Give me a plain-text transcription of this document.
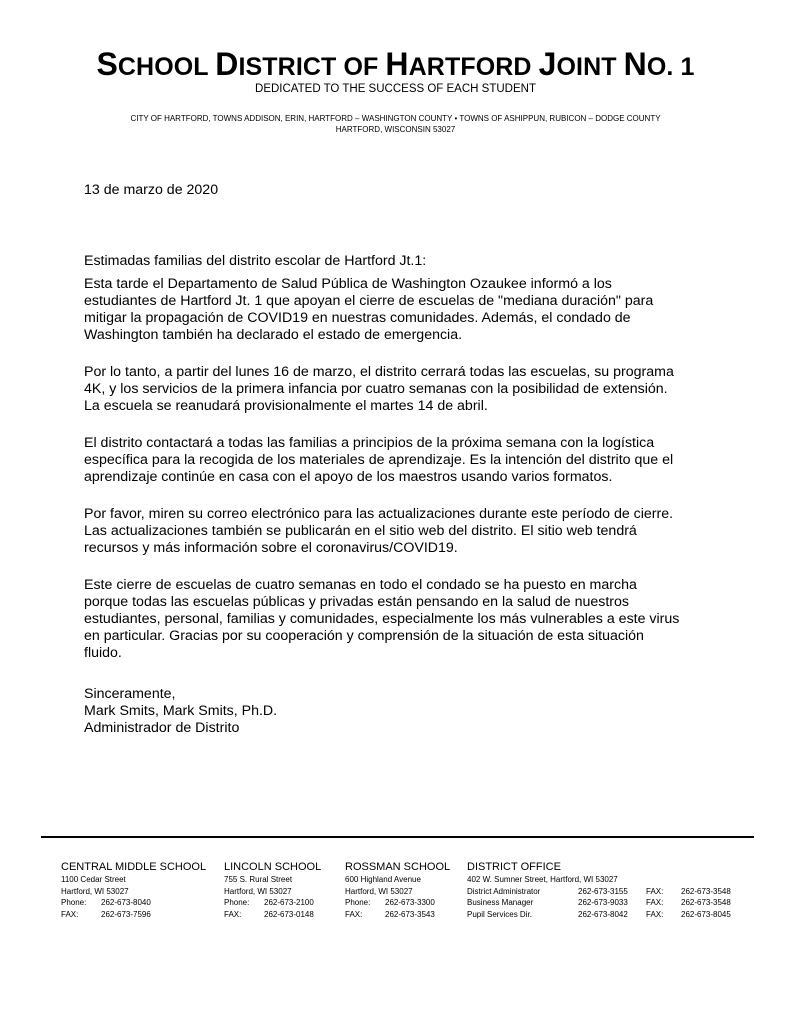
SCHOOL DISTRICT OF HARTFORD JOINT NO. 1
DEDICATED TO THE SUCCESS OF EACH STUDENT
CITY OF HARTFORD, TOWNS ADDISON, ERIN, HARTFORD – WASHINGTON COUNTY • TOWNS OF ASHIPPUN, RUBICON – DODGE COUNTY
HARTFORD, WISCONSIN 53027

13 de marzo de 2020

Estimadas familias del distrito escolar de Hartford Jt.1:

Esta tarde el Departamento de Salud Pública de Washington Ozaukee informó a los
estudiantes de Hartford Jt. 1 que apoyan el cierre de escuelas de "mediana duración" para
mitigar la propagación de COVID19 en nuestras comunidades. Además, el condado de
Washington también ha declarado el estado de emergencia.
Por lo tanto, a partir del lunes 16 de marzo, el distrito cerrará todas las escuelas, su programa
4K, y los servicios de la primera infancia por cuatro semanas con la posibilidad de extensión.
La escuela se reanudará provisionalmente el martes 14 de abril.
El distrito contactará a todas las familias a principios de la próxima semana con la logística
específica para la recogida de los materiales de aprendizaje. Es la intención del distrito que el
aprendizaje continúe en casa con el apoyo de los maestros usando varios formatos.
Por favor, miren su correo electrónico para las actualizaciones durante este período de cierre.
Las actualizaciones también se publicarán en el sitio web del distrito. El sitio web tendrá
recursos y más información sobre el coronavirus/COVID19.
Este cierre de escuelas de cuatro semanas en todo el condado se ha puesto en marcha
porque todas las escuelas públicas y privadas están pensando en la salud de nuestros
estudiantes, personal, familias y comunidades, especialmente los más vulnerables a este virus
en particular. Gracias por su cooperación y comprensión de la situación de esta situación
fluido.
Sinceramente,
Mark Smits, Mark Smits, Ph.D.
Administrador de Distrito
CENTRAL MIDDLE SCHOOL
1100 Cedar Street
Hartford, WI 53027
Phone:	262-673-8040
FAX:	262-673-7596
LINCOLN SCHOOL
755 S. Rural Street
Hartford, WI 53027
Phone:	262-673-2100
FAX:	262-673-0148
ROSSMAN SCHOOL
600 Highland Avenue
Hartford, WI 53027
Phone:	262-673-3300
FAX:	262-673-3543
DISTRICT OFFICE
402 W. Sumner Street, Hartford, WI 53027
District Administrator	262-673-3155	FAX:	262-673-3548
Business Manager	262-673-9033	FAX:	262-673-3548
Pupil Services Dir.	262-673-8042	FAX:	262-673-8045
